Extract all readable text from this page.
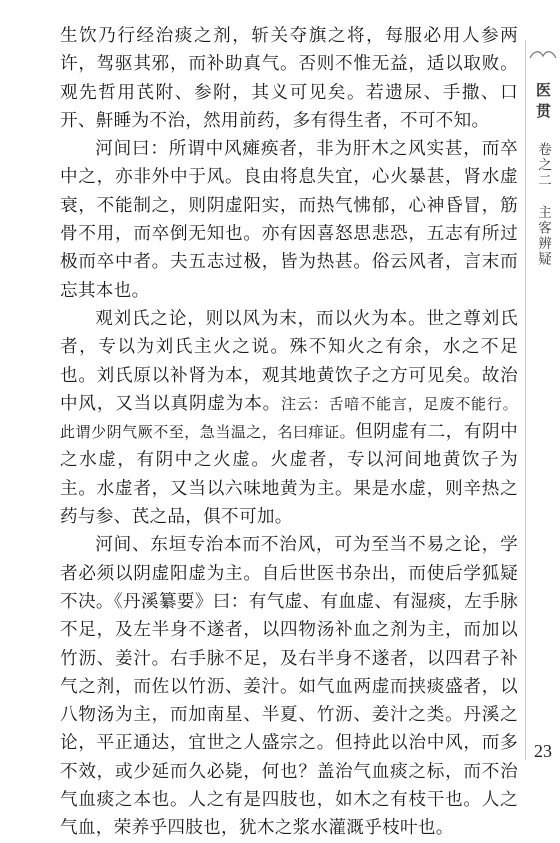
生饮乃行经治痰之剂，斩关夺旗之将，每服必用人参两许，驾驱其邪，而补助真气。否则不惟无益，适以取败。观先哲用芪附、参附，其义可见矣。若遗尿、手撒、口开、鼾睡为不治，然用前药，多有得生者，不可不知。

河间曰：所谓中风瘫痪者，非为肝木之风实甚，而卒中之，亦非外中于风。良由将息失宜，心火暴甚，肾水虚衰，不能制之，则阴虚阳实，而热气怫郁，心神昏冒，筋骨不用，而卒倒无知也。亦有因喜怒思悲恐，五志有所过极而卒中者。夫五志过极，皆为热甚。俗云风者，言末而忘其本也。

观刘氏之论，则以风为末，而以火为本。世之尊刘氏者，专以为刘氏主火之说。殊不知火之有余，水之不足也。刘氏原以补肾为本，观其地黄饮子之方可见矣。故治中风，又当以真阴虚为本。注云：舌喑不能言，足废不能行。此谓少阴气厥不至，急当温之，名曰痱证。但阴虚有二，有阴中之水虚，有阴中之火虚。火虚者，专以河间地黄饮子为主。水虚者，又当以六味地黄为主。果是水虚，则辛热之药与参、芪之品，俱不可加。

河间、东垣专治本而不治风，可为至当不易之论，学者必须以阴虚阳虚为主。自后世医书杂出，而使后学狐疑不决。《丹溪纂要》曰：有气虚、有血虚、有湿痰，左手脉不足，及左半身不遂者，以四物汤补血之剂为主，而加以竹沥、姜汁。右手脉不足，及右半身不遂者，以四君子补气之剂，而佐以竹沥、姜汁。如气血两虚而挟痰盛者，以八物汤为主，而加南星、半夏、竹沥、姜汁之类。丹溪之论，平正通达，宜世之人盛宗之。但持此以治中风，而多不效，或少延而久必毙，何也？盖治气血痰之标，而不治气血痰之本也。人之有是四肢也，如木之有枝干也。人之气血，荣养乎四肢也，犹木之浆水灌溉乎枝叶也。

医贯 卷之二 主客辨疑
23
